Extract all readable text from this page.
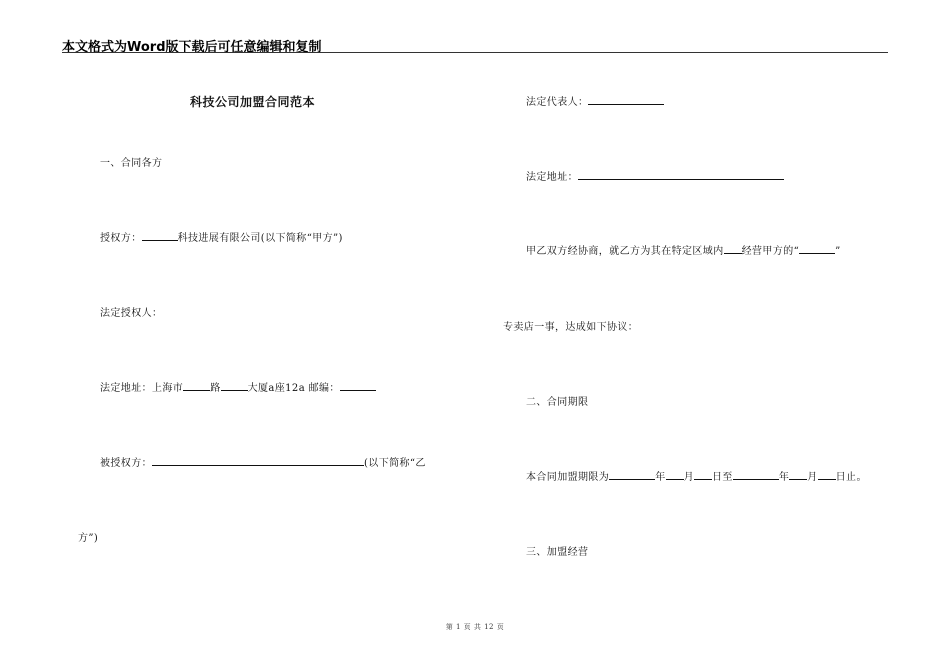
本文格式为Word版下载后可任意编辑和复制
科技公司加盟合同范本
一、合同各方
授权方：	科技进展有限公司(以下简称“甲方”)
法定授权人：
法定地址：上海市	路	大厦a座12a 邮编：
被授权方：	(以下简称“乙
方”)
法定代表人：
法定地址：
甲乙双方经协商，就乙方为其在特定区域内 经营甲方的“	”
专卖店一事，达成如下协议：
二、合同期限
本合同加盟期限为	年 月 日至	年 月 日止。
三、加盟经营
第 1 页 共 12 页
